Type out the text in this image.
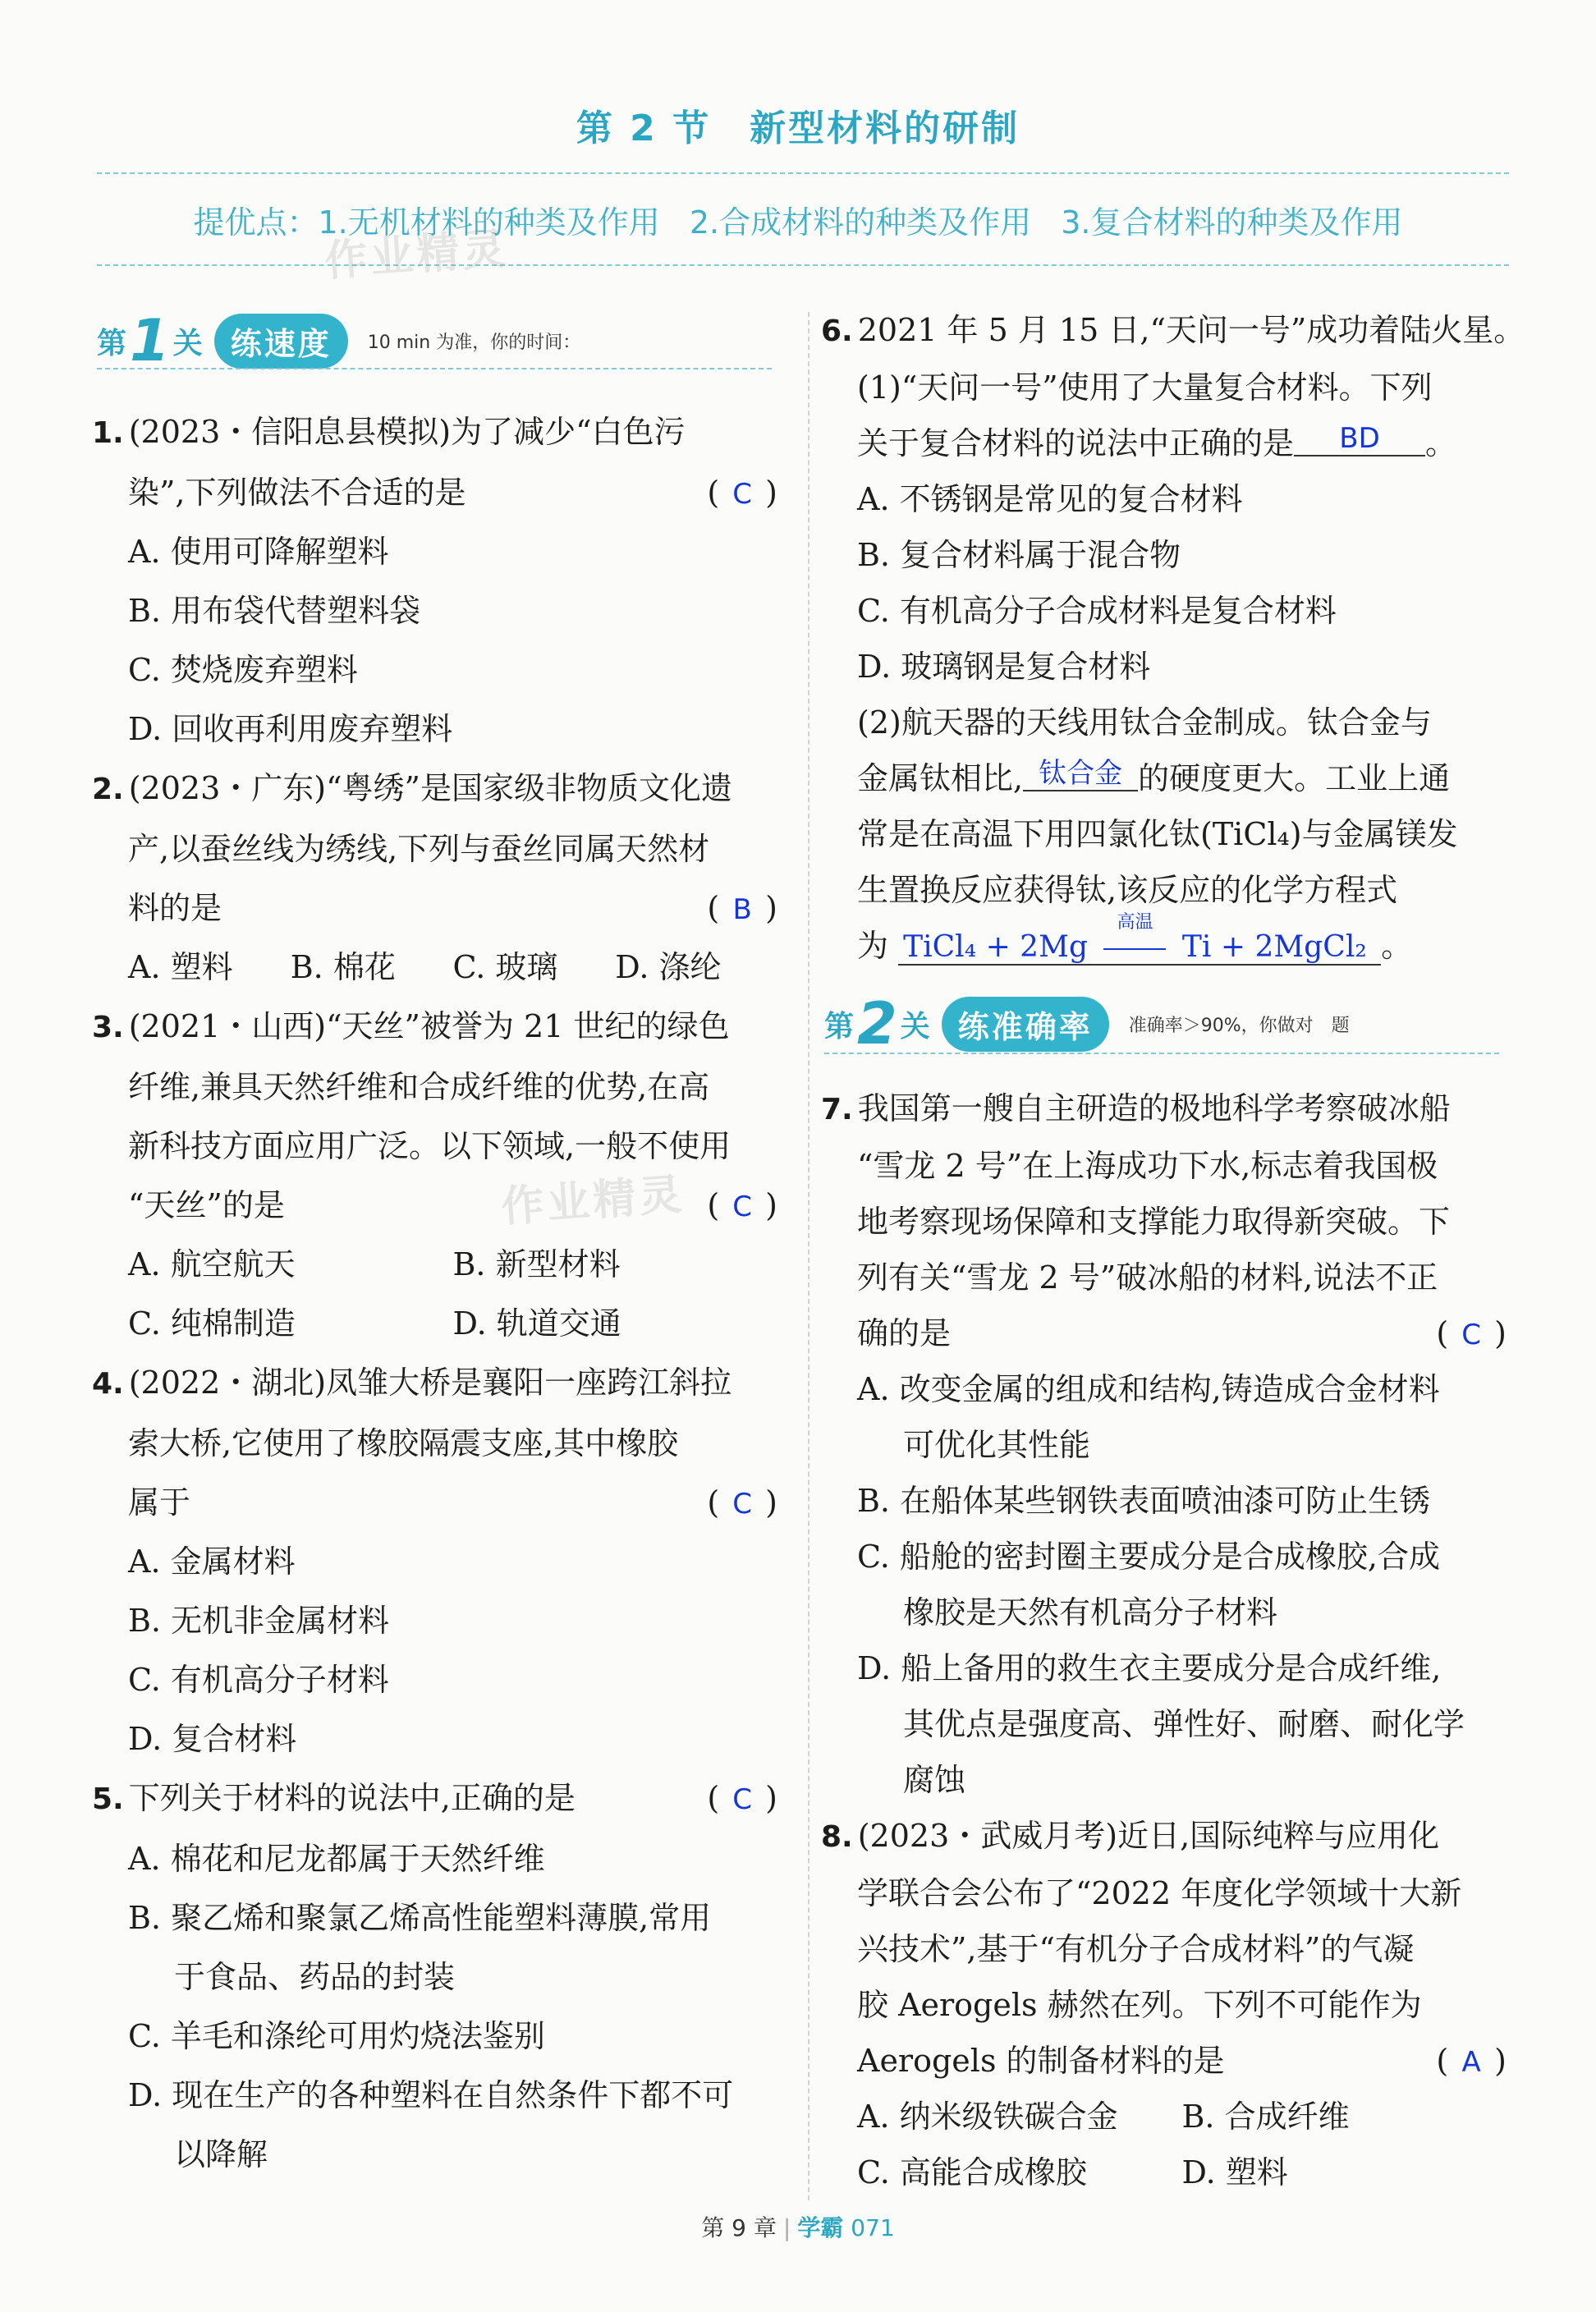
第 2 节　新型材料的研制
提优点：1.无机材料的种类及作用 2.合成材料的种类及作用 3.复合材料的种类及作用
作业精灵
作业精灵
第 1 关 练速度	10 min 为准，你的时间：
1. (2023・信阳息县模拟)为了减少“白色污
染”,下列做法不合适的是	( C )
A. 使用可降解塑料
B. 用布袋代替塑料袋
C. 焚烧废弃塑料
D. 回收再利用废弃塑料
2. (2023・广东)“粤绣”是国家级非物质文化遗
产,以蚕丝线为绣线,下列与蚕丝同属天然材
料的是	( B )
A. 塑料	B. 棉花	C. 玻璃	D. 涤纶
3. (2021・山西)“天丝”被誉为 21 世纪的绿色
纤维,兼具天然纤维和合成纤维的优势,在高
新科技方面应用广泛。以下领域,一般不使用
“天丝”的是	( C )
A. 航空航天	B. 新型材料
C. 纯棉制造	D. 轨道交通
4. (2022・湖北)凤雏大桥是襄阳一座跨江斜拉
索大桥,它使用了橡胶隔震支座,其中橡胶
属于	( C )
A. 金属材料
B. 无机非金属材料
C. 有机高分子材料
D. 复合材料
5. 下列关于材料的说法中,正确的是	( C )
A. 棉花和尼龙都属于天然纤维
B. 聚乙烯和聚氯乙烯高性能塑料薄膜,常用
于食品、药品的封装
C. 羊毛和涤纶可用灼烧法鉴别
D. 现在生产的各种塑料在自然条件下都不可
以降解
6. 2021 年 5 月 15 日,“天问一号”成功着陆火星。
(1)“天问一号”使用了大量复合材料。下列
关于复合材料的说法中正确的是 BD 。
A. 不锈钢是常见的复合材料
B. 复合材料属于混合物
C. 有机高分子合成材料是复合材料
D. 玻璃钢是复合材料
(2)航天器的天线用钛合金制成。钛合金与
金属钛相比, 钛合金 的硬度更大。工业上通
常是在高温下用四氯化钛(TiCl₄)与金属镁发
生置换反应获得钛,该反应的化学方程式
为 TiCl₄ + 2Mg
高温
Ti + 2MgCl₂ 。
第 2 关 练准确率	准确率＞90%，你做对　题
7. 我国第一艘自主研造的极地科学考察破冰船
“雪龙 2 号”在上海成功下水,标志着我国极
地考察现场保障和支撑能力取得新突破。下
列有关“雪龙 2 号”破冰船的材料,说法不正
确的是	( C )
A. 改变金属的组成和结构,铸造成合金材料
可优化其性能
B. 在船体某些钢铁表面喷油漆可防止生锈
C. 船舱的密封圈主要成分是合成橡胶,合成
橡胶是天然有机高分子材料
D. 船上备用的救生衣主要成分是合成纤维,
其优点是强度高、弹性好、耐磨、耐化学
腐蚀
8. (2023・武威月考)近日,国际纯粹与应用化
学联合会公布了“2022 年度化学领域十大新
兴技术”,基于“有机分子合成材料”的气凝
胶 Aerogels 赫然在列。下列不可能作为
Aerogels 的制备材料的是	( A )
A. 纳米级铁碳合金	B. 合成纤维
C. 高能合成橡胶	D. 塑料
第 9 章 | 学霸 071
